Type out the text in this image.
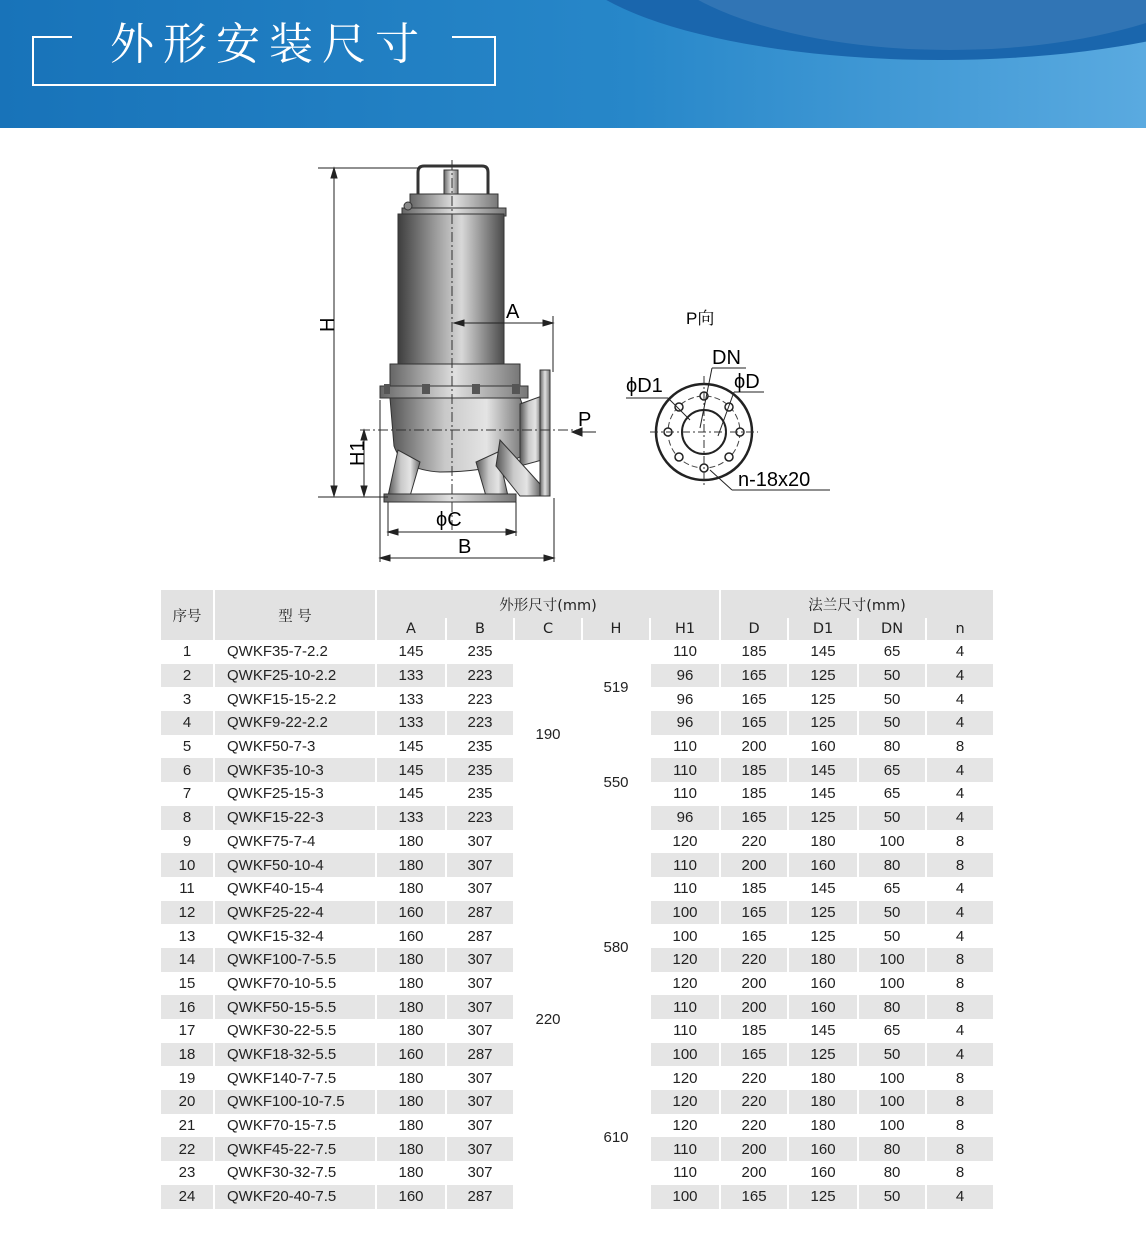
外形安装尺寸
A
H
H1
ϕC
B
P
P向
DN
ϕD1	ϕD
n-18x20
序号	型 号	外形尺寸(mm)					法兰尺寸(mm)			
		A	B	C	H	H1	D	D1	DN	n
1	QWKF35-7-2.2	145	235	190	519	110	185	145	65	4
2	QWKF25-10-2.2	133	223			96	165	125	50	4
3	QWKF15-15-2.2	133	223			96	165	125	50	4
4	QWKF9-22-2.2	133	223			96	165	125	50	4
5	QWKF50-7-3	145	235		550	110	200	160	80	8
6	QWKF35-10-3	145	235			110	185	145	65	4
7	QWKF25-15-3	145	235			110	185	145	65	4
8	QWKF15-22-3	133	223			96	165	125	50	4
9	QWKF75-7-4	180	307	220	580	120	220	180	100	8
10	QWKF50-10-4	180	307			110	200	160	80	8
11	QWKF40-15-4	180	307			110	185	145	65	4
12	QWKF25-22-4	160	287			100	165	125	50	4
13	QWKF15-32-4	160	287			100	165	125	50	4
14	QWKF100-7-5.5	180	307			120	220	180	100	8
15	QWKF70-10-5.5	180	307			120	200	160	100	8
16	QWKF50-15-5.5	180	307			110	200	160	80	8
17	QWKF30-22-5.5	180	307			110	185	145	65	4
18	QWKF18-32-5.5	160	287			100	165	125	50	4
19	QWKF140-7-7.5	180	307		610	120	220	180	100	8
20	QWKF100-10-7.5	180	307			120	220	180	100	8
21	QWKF70-15-7.5	180	307			120	220	180	100	8
22	QWKF45-22-7.5	180	307			110	200	160	80	8
23	QWKF30-32-7.5	180	307			110	200	160	80	8
24	QWKF20-40-7.5	160	287			100	165	125	50	4
